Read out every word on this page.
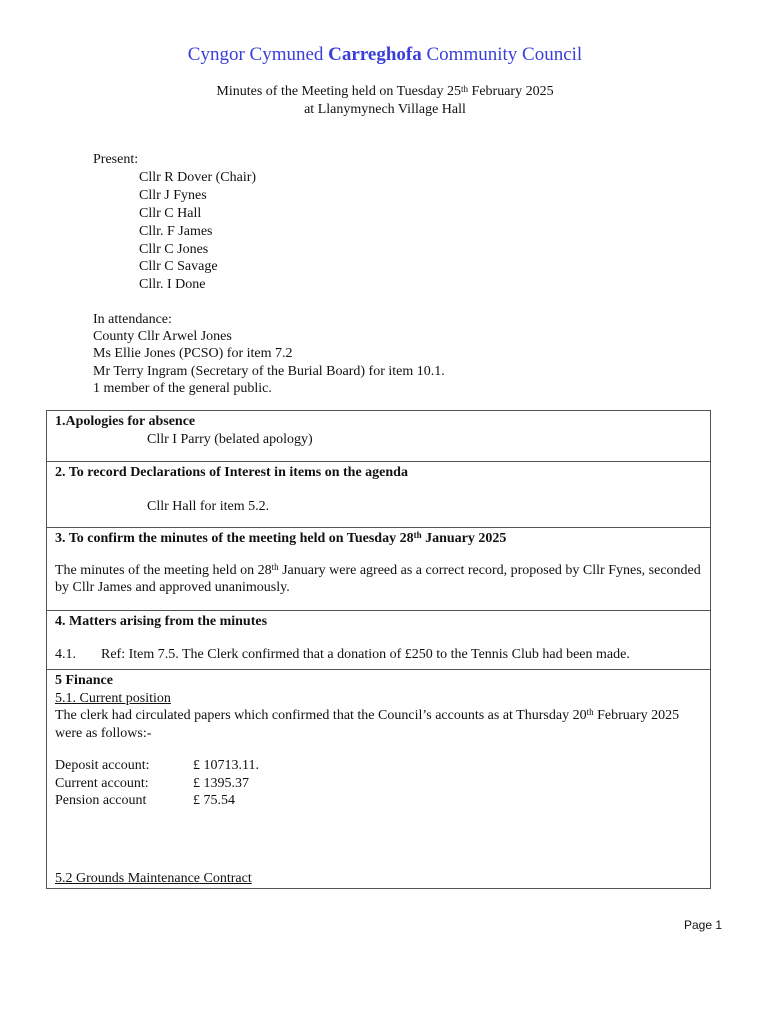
Cyngor Cymuned Carreghofa Community Council
Minutes of the Meeting held on Tuesday 25th February 2025
at Llanymynech Village Hall
Present:
Cllr R Dover (Chair)
Cllr J Fynes
Cllr C Hall
Cllr. F James
Cllr C Jones
Cllr C Savage
Cllr. I Done
In attendance:
County Cllr Arwel Jones
Ms Ellie Jones (PCSO) for item 7.2
Mr Terry Ingram (Secretary of the Burial Board) for item 10.1.
1 member of the general public.
1.Apologies for absence
Cllr I Parry (belated apology)

2. To record Declarations of Interest in items on the agenda
Cllr Hall for item 5.2.

3. To confirm the minutes of the meeting held on Tuesday 28th January 2025
The minutes of the meeting held on 28th January were agreed as a correct record, proposed by Cllr Fynes, seconded by Cllr James and approved unanimously.

4. Matters arising from the minutes
4.1.	Ref: Item 7.5. The Clerk confirmed that a donation of £250 to the Tennis Club had been made.

5 Finance
5.1. Current position
The clerk had circulated papers which confirmed that the Council’s accounts as at Thursday 20th February 2025 were as follows:-
Deposit account:	£ 10713.11.
Current account:	£ 1395.37
Pension account	£ 75.54
5.2 Grounds Maintenance Contract
Page 1
